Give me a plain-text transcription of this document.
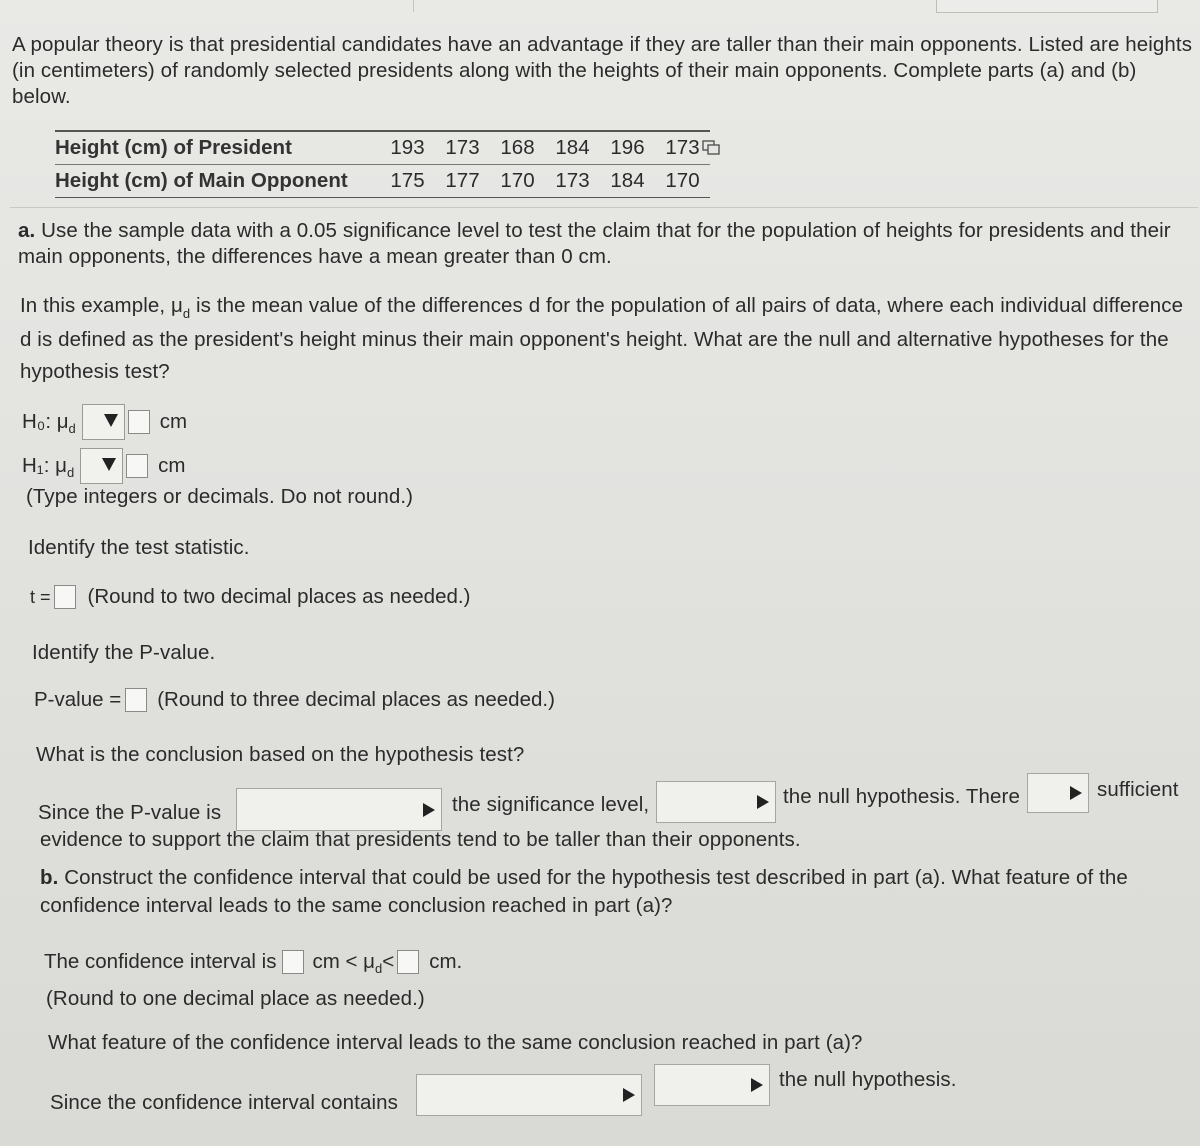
A popular theory is that presidential candidates have an advantage if they are taller than their main opponents. Listed are heights (in centimeters) of randomly selected presidents along with the heights of their main opponents. Complete parts (a) and (b) below.
Height (cm) of President	193	173	168	184	196	173
Height (cm) of Main Opponent	175	177	170	173	184	170
a. Use the sample data with a 0.05 significance level to test the claim that for the population of heights for presidents and their main opponents, the differences have a mean greater than 0 cm.
In this example, $\mu_d$ is the mean value of the differences d for the population of all pairs of data, where each individual difference d is defined as the president's height minus their main opponent's height. What are the null and alternative hypotheses for the hypothesis test?
H₀: μ d	cm
H₁: μ d	cm
(Type integers or decimals. Do not round.)
Identify the test statistic.
t = (Round to two decimal places as needed.)
Identify the P-value.
P-value = (Round to three decimal places as needed.)
What is the conclusion based on the hypothesis test?
Since the P-value is	the significance level,	the null hypothesis. There	sufficient
evidence to support the claim that presidents tend to be taller than their opponents.
b. Construct the confidence interval that could be used for the hypothesis test described in part (a). What feature of the confidence interval leads to the same conclusion reached in part (a)?
The confidence interval is cm < μ d < cm.
(Round to one decimal place as needed.)
What feature of the confidence interval leads to the same conclusion reached in part (a)?
Since the confidence interval contains
the null hypothesis.
